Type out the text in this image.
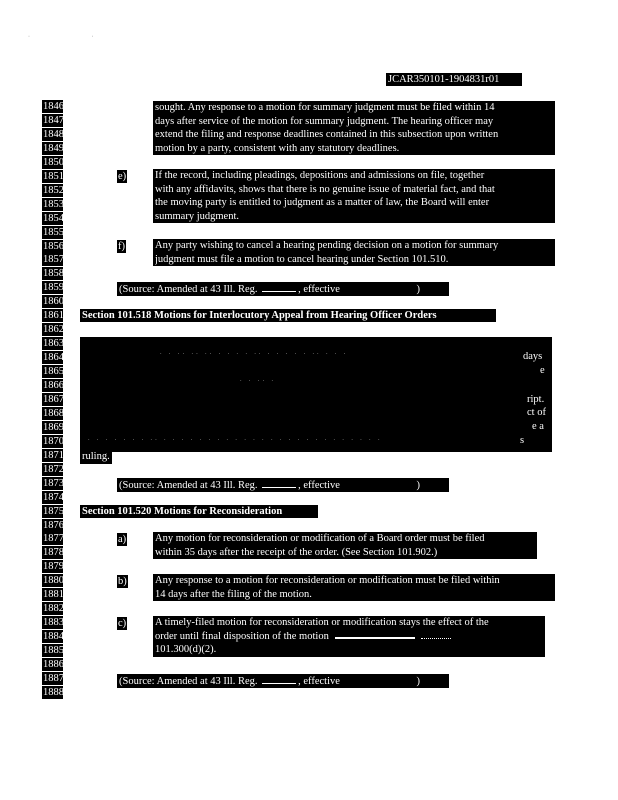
· ·
JCAR350101-1904831r01
1846
1847
1848
1849
1850
1851
1852
1853
1854
1855
1856
1857
1858
1859
1860
1861
1862
1863
1864
1865
1866
1867
1868
1869
1870
1871
1872
1873
1874
1875
1876
1877
1878
1879
1880
1881
1882
1883
1884
1885
1886
1887
1888
sought. Any response to a motion for summary judgment must be filed within 14
days after service of the motion for summary judgment. The hearing officer may
extend the filing and response deadlines contained in this subsection upon written
motion by a party, consistent with any statutory deadlines.
e)	If the record, including pleadings, depositions and admissions on file, together
with any affidavits, shows that there is no genuine issue of material fact, and that
the moving party is entitled to judgment as a matter of law, the Board will enter
summary judgment.
f)	Any party wishing to cancel a hearing pending decision on a motion for summary
judgment must file a motion to cancel hearing under Section 101.510.
(Source: Amended at 43 Ill. Reg.	, effective	)
Section 101.518 Motions for Interlocutory Appeal from Hearing Officer Orders
· · ·· ·· ·· · · · · ·· · · · · · ·· · · ·
· · ·· ·
· · · · · · · ·· · · · · · · · · · · · · · · · · · · · · · · · · ·
days
e
ript.
ct of
e a
s
ruling.
(Source: Amended at 43 Ill. Reg.	, effective	)
Section 101.520 Motions for Reconsideration
a)	Any motion for reconsideration or modification of a Board order must be filed
within 35 days after the receipt of the order. (See Section 101.902.)
b)	Any response to a motion for reconsideration or modification must be filed within
14 days after the filing of the motion.
c)	A timely-filed motion for reconsideration or modification stays the effect of the
order until final disposition of the motion
101.300(d)(2).
(Source: Amended at 43 Ill. Reg.	, effective	)
